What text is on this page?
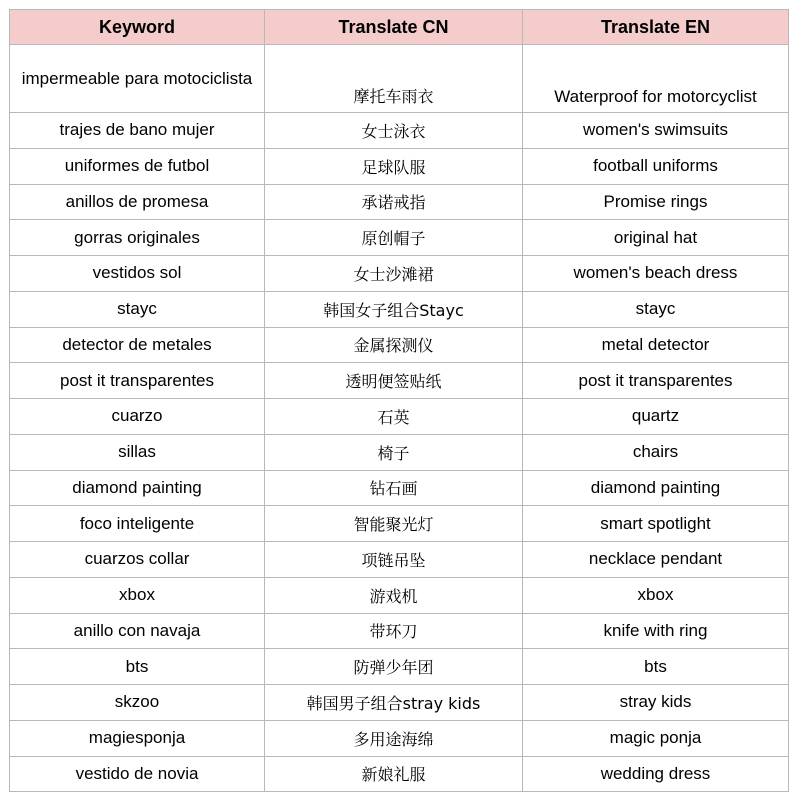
Keyword	Translate CN	Translate EN
impermeable para motociclista	摩托车雨衣	Waterproof for motorcyclist
trajes de bano mujer	女士泳衣	women's swimsuits
uniformes de futbol	足球队服	football uniforms
anillos de promesa	承诺戒指	Promise rings
gorras originales	原创帽子	original hat
vestidos sol	女士沙滩裙	women's beach dress
stayc	韩国女子组合Stayc	stayc
detector de metales	金属探测仪	metal detector
post it transparentes	透明便签贴纸	post it transparentes
cuarzo	石英	quartz
sillas	椅子	chairs
diamond painting	钻石画	diamond painting
foco inteligente	智能聚光灯	smart spotlight
cuarzos collar	项链吊坠	necklace pendant
xbox	游戏机	xbox
anillo con navaja	带环刀	knife with ring
bts	防弹少年团	bts
skzoo	韩国男子组合stray kids	stray kids
magiesponja	多用途海绵	magic ponja
vestido de novia	新娘礼服	wedding dress
